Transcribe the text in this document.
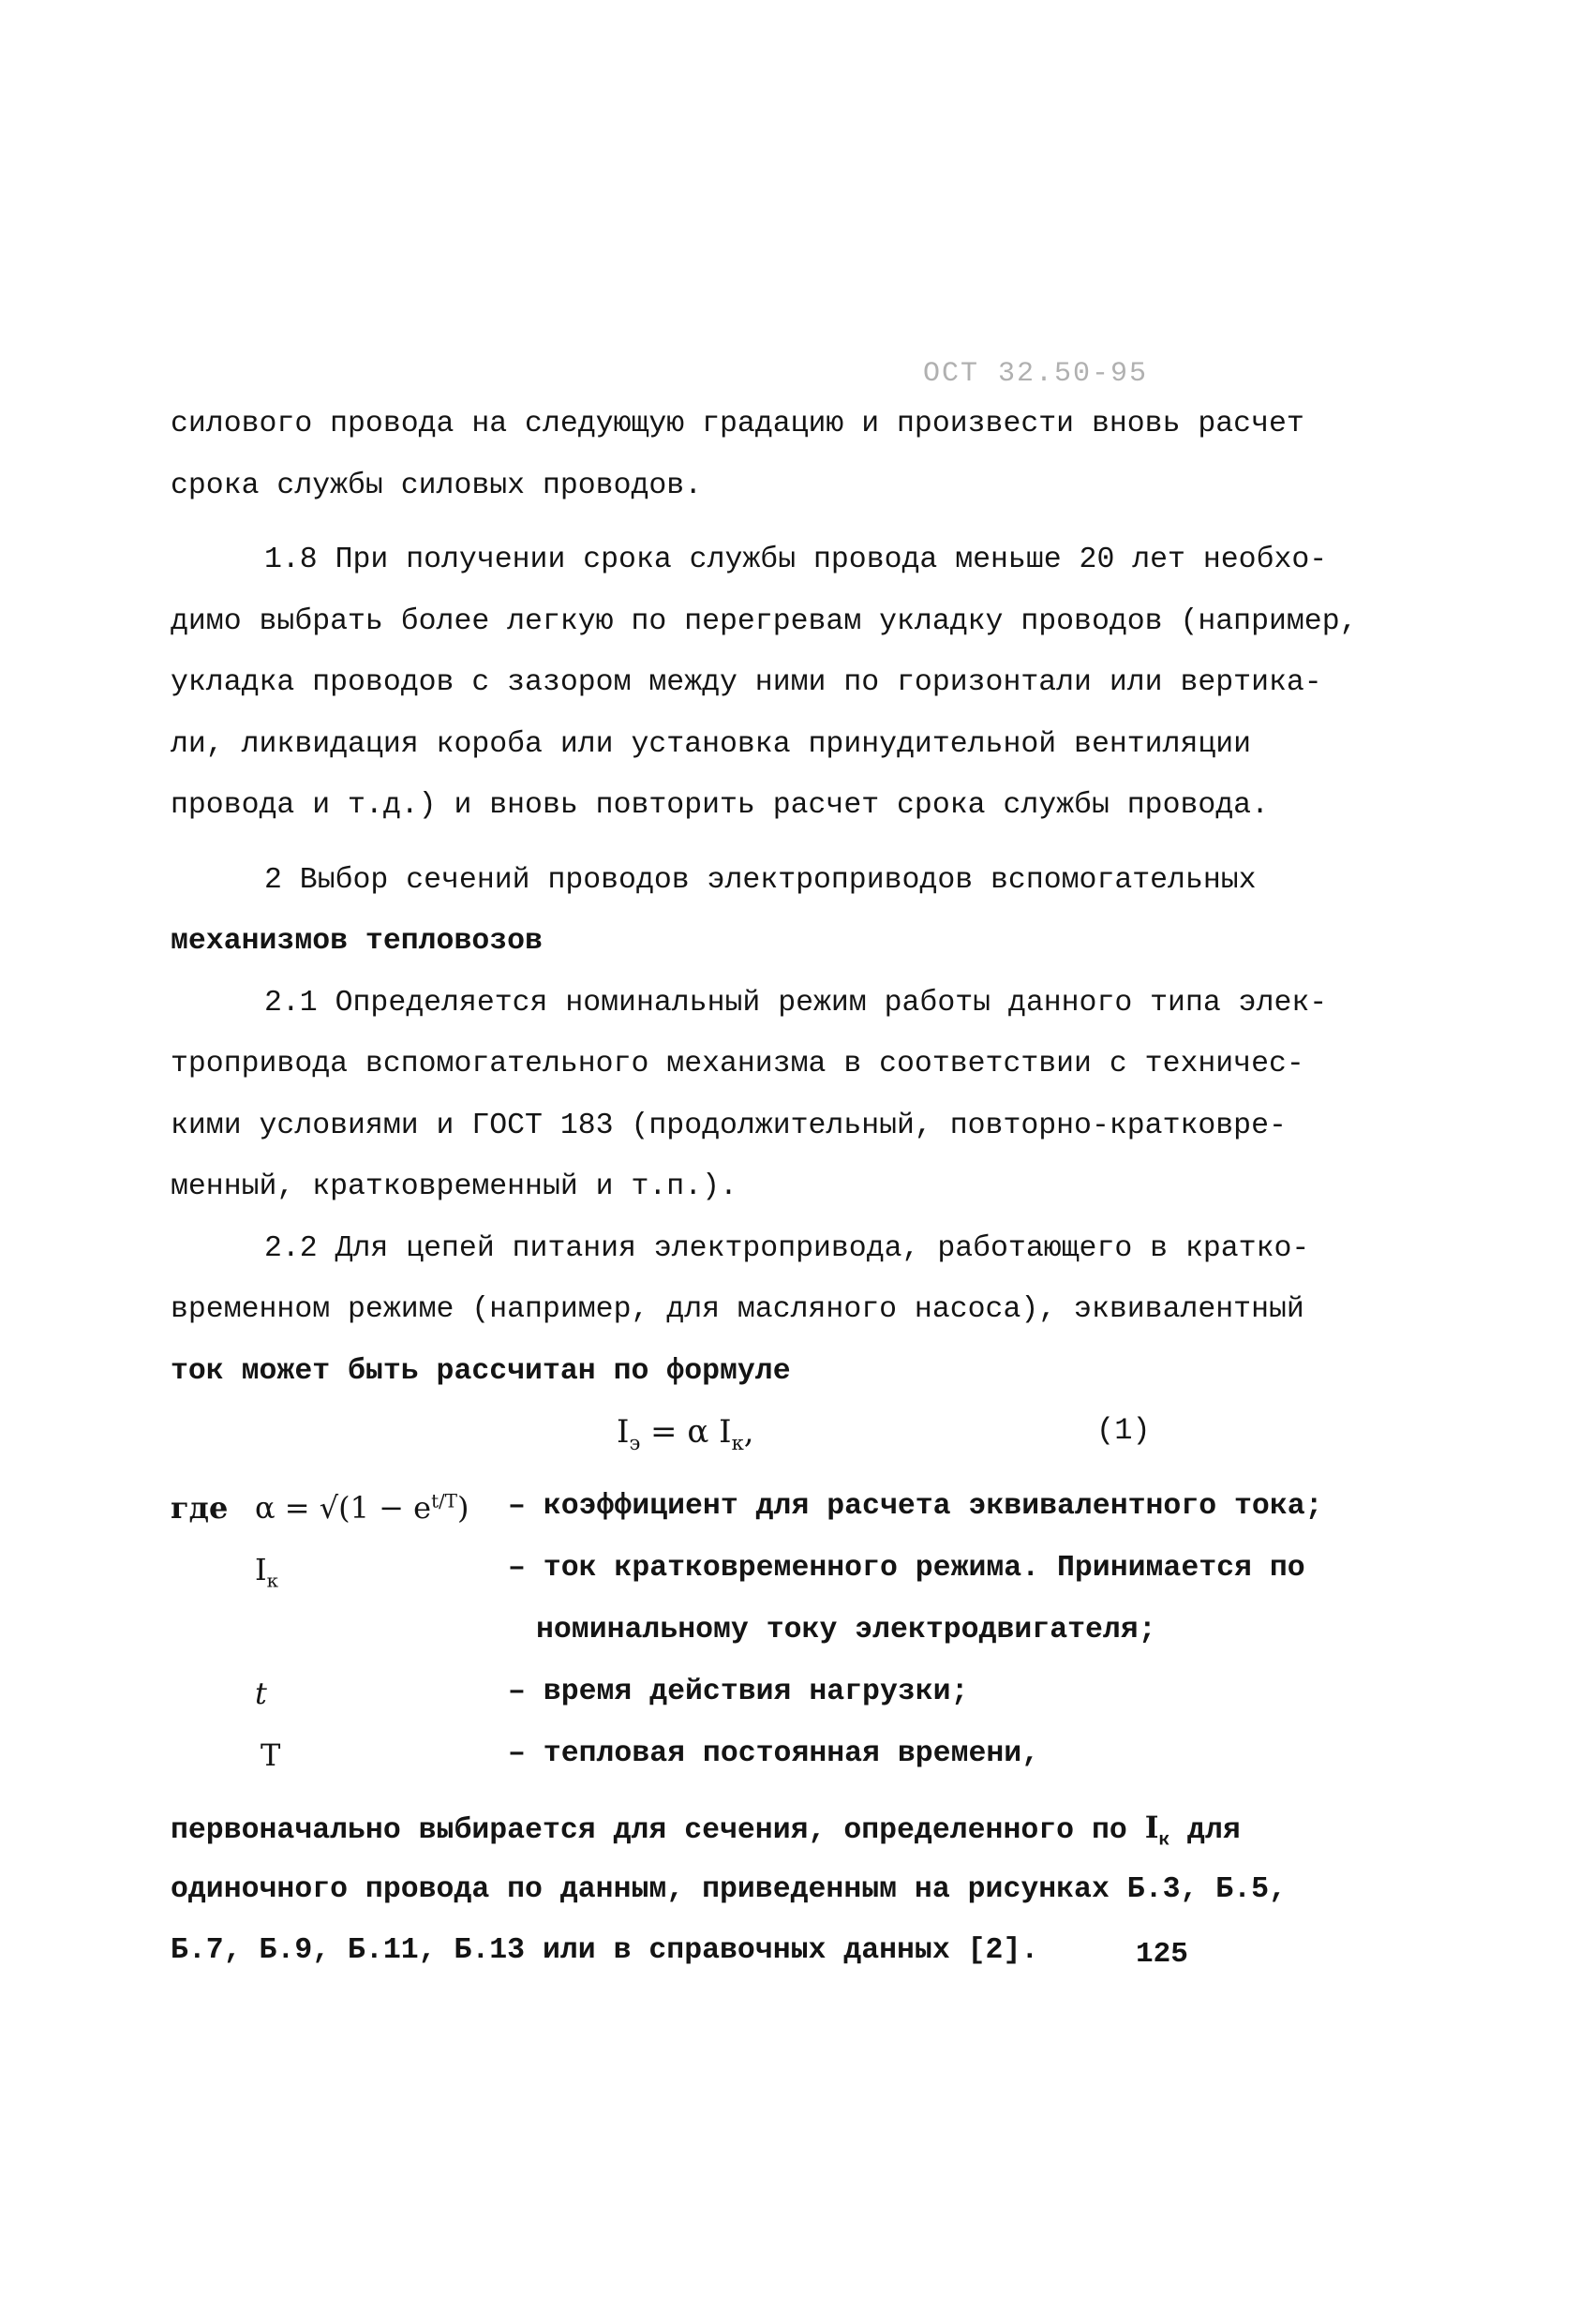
ОСТ 32.50-95
силового провода на следующую градацию и произвести вновь расчет
срока службы силовых проводов.
1.8 При получении срока службы провода меньше 20 лет необхо-
димо выбрать более легкую по перегревам укладку проводов (например,
укладка проводов с зазором между ними по горизонтали или вертика-
ли, ликвидация короба или установка принудительной вентиляции
провода и т.д.) и вновь повторить расчет срока службы провода.
2 Выбор сечений проводов электроприводов вспомогательных
механизмов тепловозов
2.1 Определяется номинальный режим работы данного типа элек-
тропривода вспомогательного механизма в соответствии с техничес-
кими условиями и ГОСТ 183 (продолжительный, повторно-кратковре-
менный, кратковременный и т.п.).
2.2 Для цепей питания электропривода, работающего в кратко-
временном режиме (например, для масляного насоса), эквивалентный
ток может быть рассчитан по формуле
$I_э = \alpha$ $I_к$,	(1)
где $\alpha = √(1 - e^{t/T})$ – коэффициент для расчета эквивалентного тока;
$I_к$	– ток кратковременного режима. Принимается по
номинальному току электродвигателя;
t	– время действия нагрузки;
T	– тепловая постоянная времени,
первоначально выбирается для сечения, определенного по $I_к$ для
одиночного провода по данным, приведенным на рисунках Б.3, Б.5,
Б.7, Б.9, Б.11, Б.13 или в справочных данных [2].	125
